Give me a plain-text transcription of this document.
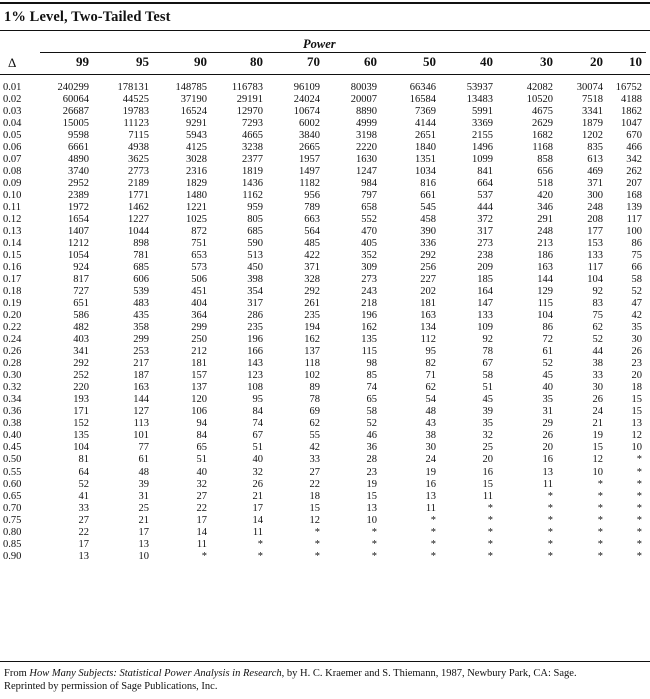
1% Level, Two-Tailed Test
Power
Δ	99	95	90	80	70	60	50	40	30	20	10
0.01	240299	178131	148785	116783	96109	80039	66346	53937	42082	30074	16752
0.02	60064	44525	37190	29191	24024	20007	16584	13483	10520	7518	4188
0.03	26687	19783	16524	12970	10674	8890	7369	5991	4675	3341	1862
0.04	15005	11123	9291	7293	6002	4999	4144	3369	2629	1879	1047
0.05	9598	7115	5943	4665	3840	3198	2651	2155	1682	1202	670
0.06	6661	4938	4125	3238	2665	2220	1840	1496	1168	835	466
0.07	4890	3625	3028	2377	1957	1630	1351	1099	858	613	342
0.08	3740	2773	2316	1819	1497	1247	1034	841	656	469	262
0.09	2952	2189	1829	1436	1182	984	816	664	518	371	207
0.10	2389	1771	1480	1162	956	797	661	537	420	300	168
0.11	1972	1462	1221	959	789	658	545	444	346	248	139
0.12	1654	1227	1025	805	663	552	458	372	291	208	117
0.13	1407	1044	872	685	564	470	390	317	248	177	100
0.14	1212	898	751	590	485	405	336	273	213	153	86
0.15	1054	781	653	513	422	352	292	238	186	133	75
0.16	924	685	573	450	371	309	256	209	163	117	66
0.17	817	606	506	398	328	273	227	185	144	104	58
0.18	727	539	451	354	292	243	202	164	129	92	52
0.19	651	483	404	317	261	218	181	147	115	83	47
0.20	586	435	364	286	235	196	163	133	104	75	42
0.22	482	358	299	235	194	162	134	109	86	62	35
0.24	403	299	250	196	162	135	112	92	72	52	30
0.26	341	253	212	166	137	115	95	78	61	44	26
0.28	292	217	181	143	118	98	82	67	52	38	23
0.30	252	187	157	123	102	85	71	58	45	33	20
0.32	220	163	137	108	89	74	62	51	40	30	18
0.34	193	144	120	95	78	65	54	45	35	26	15
0.36	171	127	106	84	69	58	48	39	31	24	15
0.38	152	113	94	74	62	52	43	35	29	21	13
0.40	135	101	84	67	55	46	38	32	26	19	12
0.45	104	77	65	51	42	36	30	25	20	15	10
0.50	81	61	51	40	33	28	24	20	16	12	*
0.55	64	48	40	32	27	23	19	16	13	10	*
0.60	52	39	32	26	22	19	16	15	11	*	*
0.65	41	31	27	21	18	15	13	11	*	*	*
0.70	33	25	22	17	15	13	11	*	*	*	*
0.75	27	21	17	14	12	10	*	*	*	*	*
0.80	22	17	14	11	*	*	*	*	*	*	*
0.85	17	13	11	*	*	*	*	*	*	*	*
0.90	13	10	*	*	*	*	*	*	*	*	*
From How Many Subjects: Statistical Power Analysis in Research, by H. C. Kraemer and S. Thiemann, 1987, Newbury Park, CA: Sage.
Reprinted by permission of Sage Publications, Inc.
